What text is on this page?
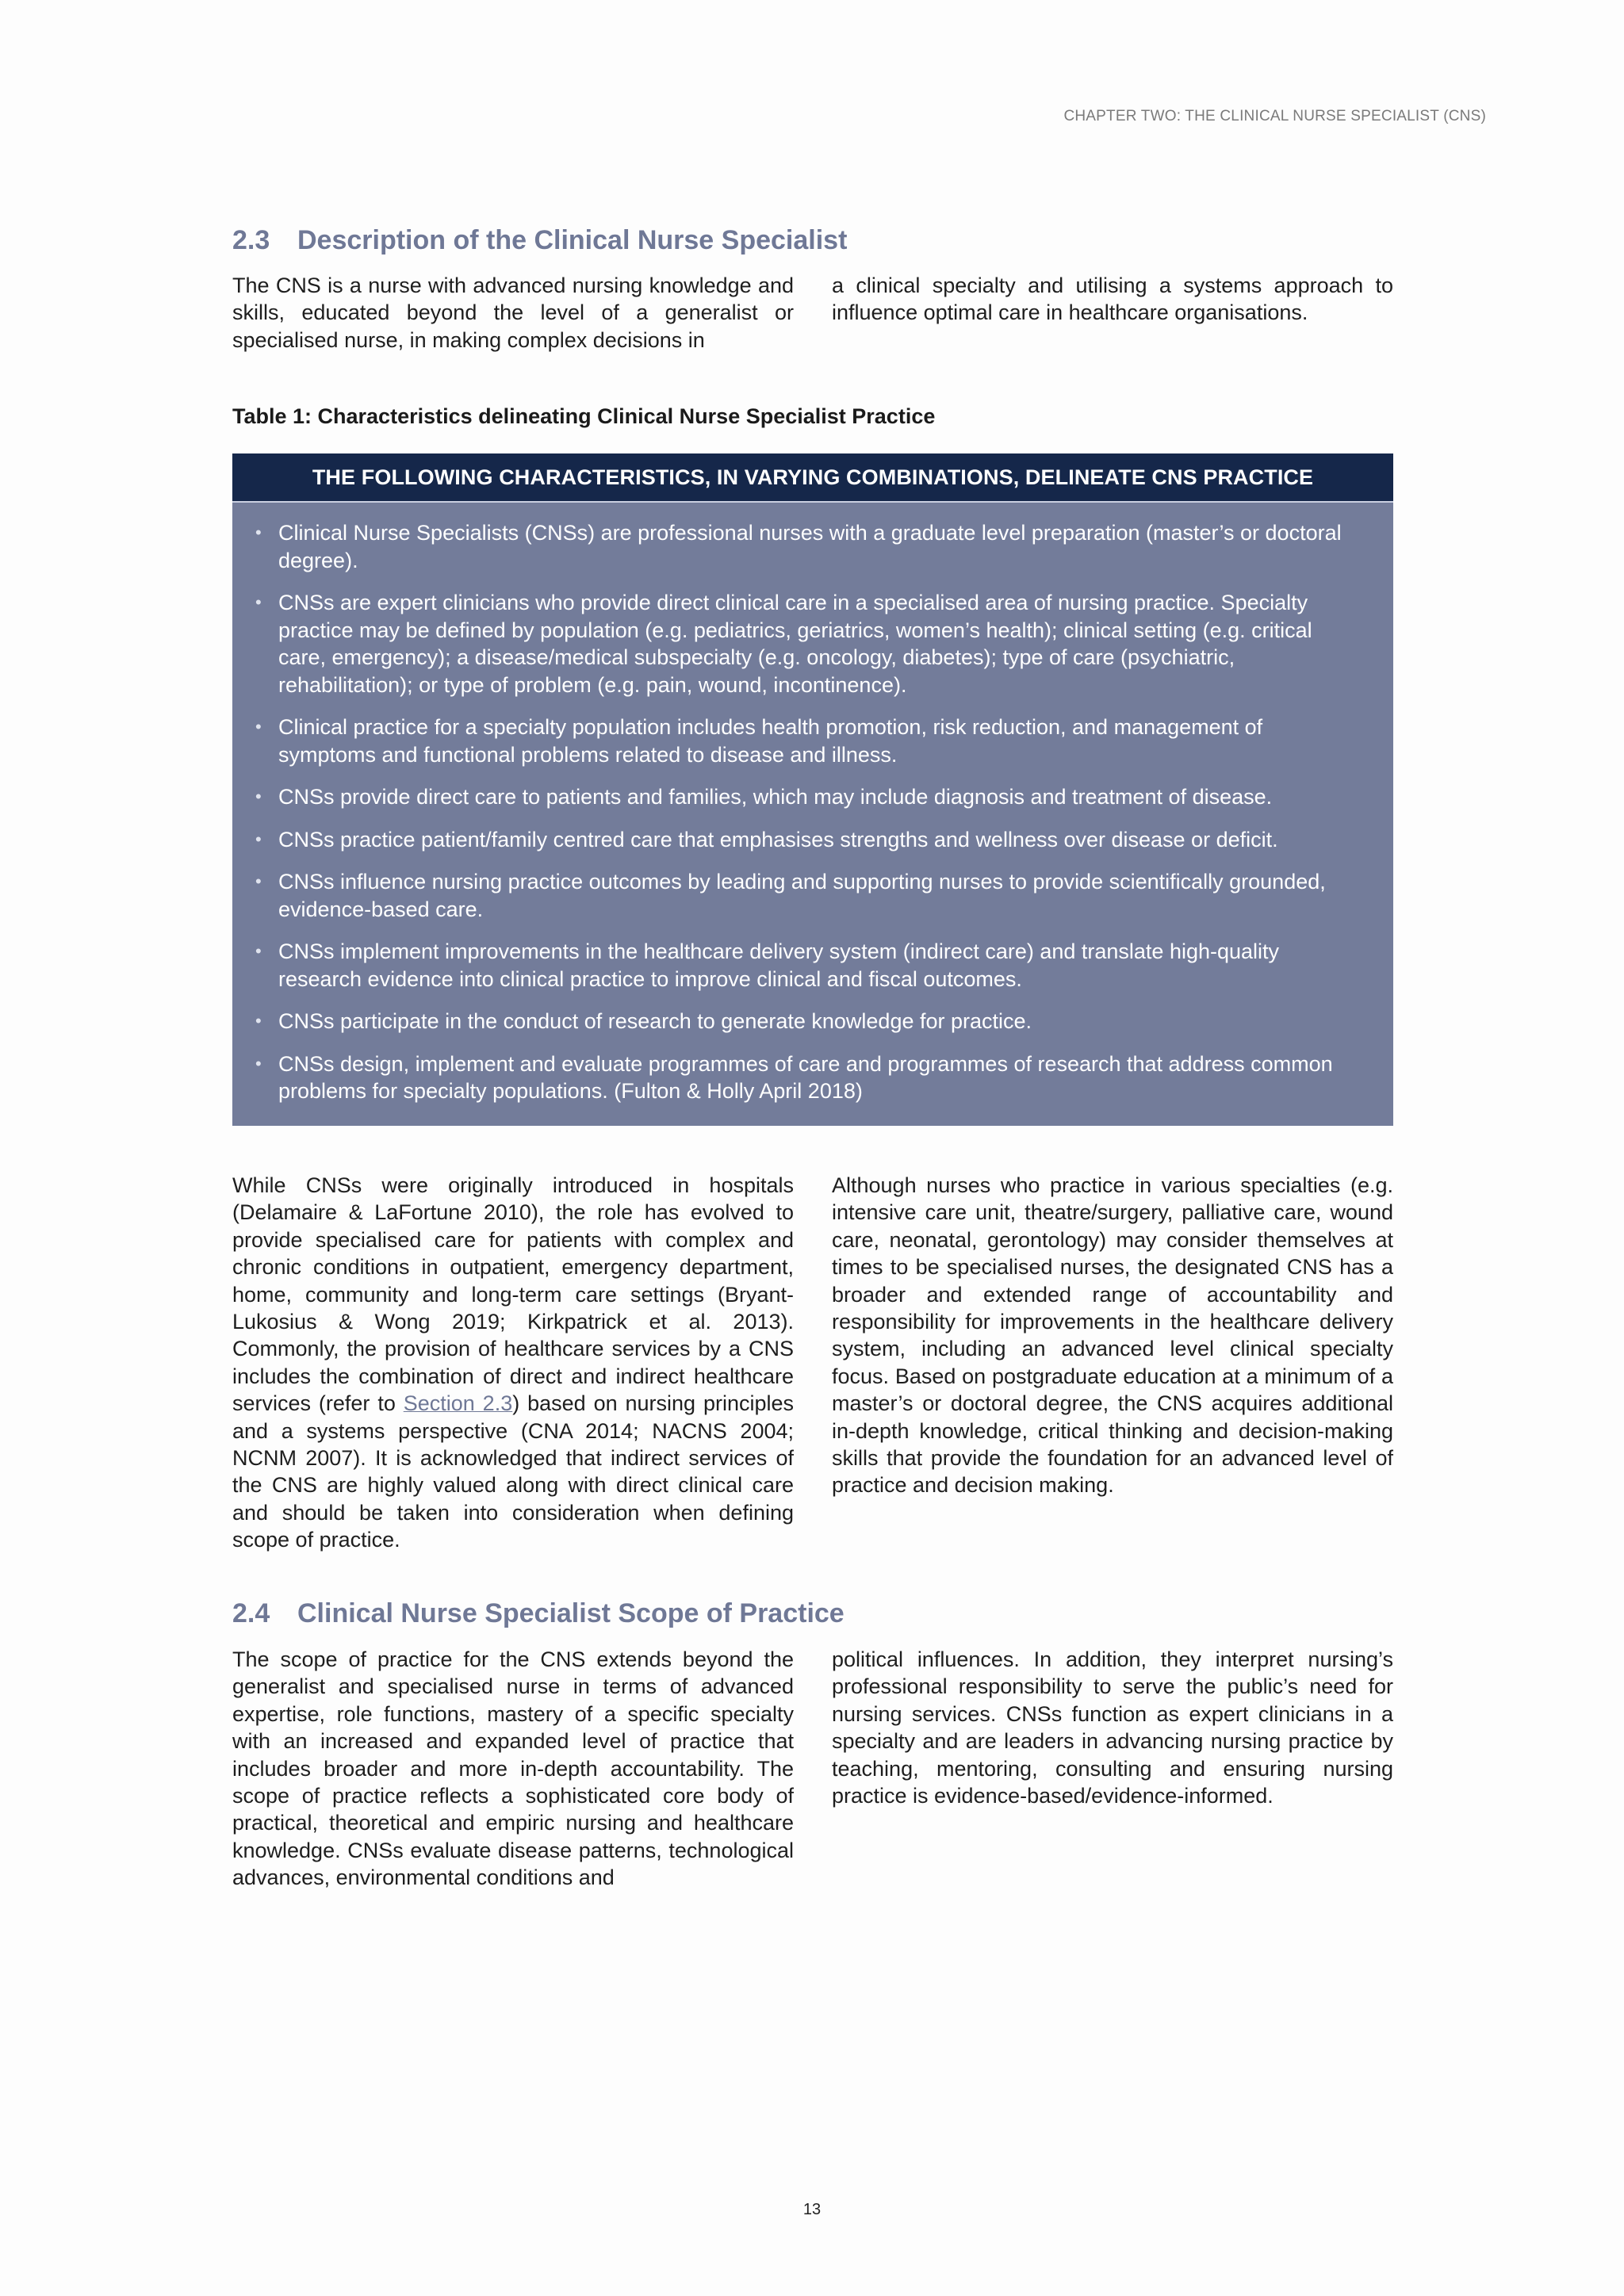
CHAPTER TWO: THE CLINICAL NURSE SPECIALIST (CNS)
2.3 Description of the Clinical Nurse Specialist

The CNS is a nurse with advanced nursing knowledge and skills, educated beyond the level of a generalist or specialised nurse, in making complex decisions in

a clinical specialty and utilising a systems approach to influence optimal care in healthcare organisations.

Table 1: Characteristics delineating Clinical Nurse Specialist Practice

THE FOLLOWING CHARACTERISTICS, IN VARYING COMBINATIONS, DELINEATE CNS PRACTICE
• Clinical Nurse Specialists (CNSs) are professional nurses with a graduate level preparation (master’s or doctoral degree).
• CNSs are expert clinicians who provide direct clinical care in a specialised area of nursing practice. Specialty practice may be defined by population (e.g. pediatrics, geriatrics, women’s health); clinical setting (e.g. critical care, emergency); a disease/medical subspecialty (e.g. oncology, diabetes); type of care (psychiatric, rehabilitation); or type of problem (e.g. pain, wound, incontinence).
• Clinical practice for a specialty population includes health promotion, risk reduction, and management of symptoms and functional problems related to disease and illness.
• CNSs provide direct care to patients and families, which may include diagnosis and treatment of disease.
• CNSs practice patient/family centred care that emphasises strengths and wellness over disease or deficit.
• CNSs influence nursing practice outcomes by leading and supporting nurses to provide scientifically grounded, evidence-based care.
• CNSs implement improvements in the healthcare delivery system (indirect care) and translate high-quality research evidence into clinical practice to improve clinical and fiscal outcomes.
• CNSs participate in the conduct of research to generate knowledge for practice.
• CNSs design, implement and evaluate programmes of care and programmes of research that address common problems for specialty populations. (Fulton & Holly April 2018)

While CNSs were originally introduced in hospitals (Delamaire & LaFortune 2010), the role has evolved to provide specialised care for patients with complex and chronic conditions in outpatient, emergency department, home, community and long-term care settings (Bryant-Lukosius & Wong 2019; Kirkpatrick et al. 2013). Commonly, the provision of healthcare services by a CNS includes the combination of direct and indirect healthcare services (refer to Section 2.3) based on nursing principles and a systems perspective (CNA 2014; NACNS 2004; NCNM 2007). It is acknowledged that indirect services of the CNS are highly valued along with direct clinical care and should be taken into consideration when defining scope of practice.

Although nurses who practice in various specialties (e.g. intensive care unit, theatre/surgery, palliative care, wound care, neonatal, gerontology) may consider themselves at times to be specialised nurses, the designated CNS has a broader and extended range of accountability and responsibility for improvements in the healthcare delivery system, including an advanced level clinical specialty focus. Based on postgraduate education at a minimum of a master’s or doctoral degree, the CNS acquires additional in-depth knowledge, critical thinking and decision-making skills that provide the foundation for an advanced level of practice and decision making.

2.4 Clinical Nurse Specialist Scope of Practice

The scope of practice for the CNS extends beyond the generalist and specialised nurse in terms of advanced expertise, role functions, mastery of a specific specialty with an increased and expanded level of practice that includes broader and more in-depth accountability. The scope of practice reflects a sophisticated core body of practical, theoretical and empiric nursing and healthcare knowledge. CNSs evaluate disease patterns, technological advances, environmental conditions and

political influences. In addition, they interpret nursing’s professional responsibility to serve the public’s need for nursing services. CNSs function as expert clinicians in a specialty and are leaders in advancing nursing practice by teaching, mentoring, consulting and ensuring nursing practice is evidence-based/evidence-informed.

13
